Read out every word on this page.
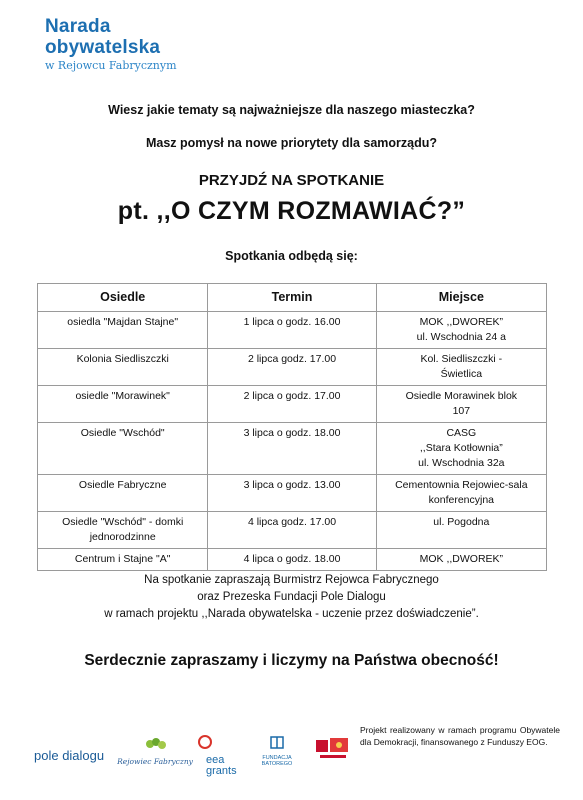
Narada
obywatelska
w Rejowcu Fabrycznym
Wiesz jakie tematy są najważniejsze dla naszego miasteczka?
Masz pomysł na nowe priorytety dla samorządu?
PRZYJDŹ NA SPOTKANIE
pt. ,,O CZYM ROZMAWIAĆ?”
Spotkania odbędą się:
Osiedle	Termin	Miejsce
osiedla "Majdan Stajne"	1 lipca o godz. 16.00	MOK ,,DWOREK”
ul. Wschodnia 24 a
Kolonia Siedliszczki	2 lipca godz. 17.00	Kol. Siedliszczki -
Świetlica
osiedle "Morawinek"	2 lipca o godz. 17.00	Osiedle Morawinek blok
107
Osiedle "Wschód"	3 lipca o godz. 18.00	CASG
,,Stara Kotłownia”
ul. Wschodnia 32a
Osiedle Fabryczne	3 lipca o godz. 13.00	Cementownia Rejowiec-sala
konferencyjna
Osiedle "Wschód" - domki
jednorodzinne	4 lipca godz. 17.00	ul. Pogodna
Centrum i Stajne "A"	4 lipca o godz. 18.00	MOK ,,DWOREK”
Na spotkanie zapraszają Burmistrz Rejowca Fabrycznego
oraz Prezeska Fundacji Pole Dialogu
w ramach projektu ,,Narada obywatelska - uczenie przez doświadczenie”.
Serdecznie zapraszamy i liczymy na Państwa obecność!
pole dialogu Rejowiec Fabryczny eea
grants
FUNDACJA
BATOREGO
Projekt realizowany w ramach programu Obywatele dla Demokracji, finansowanego z Funduszy EOG.
